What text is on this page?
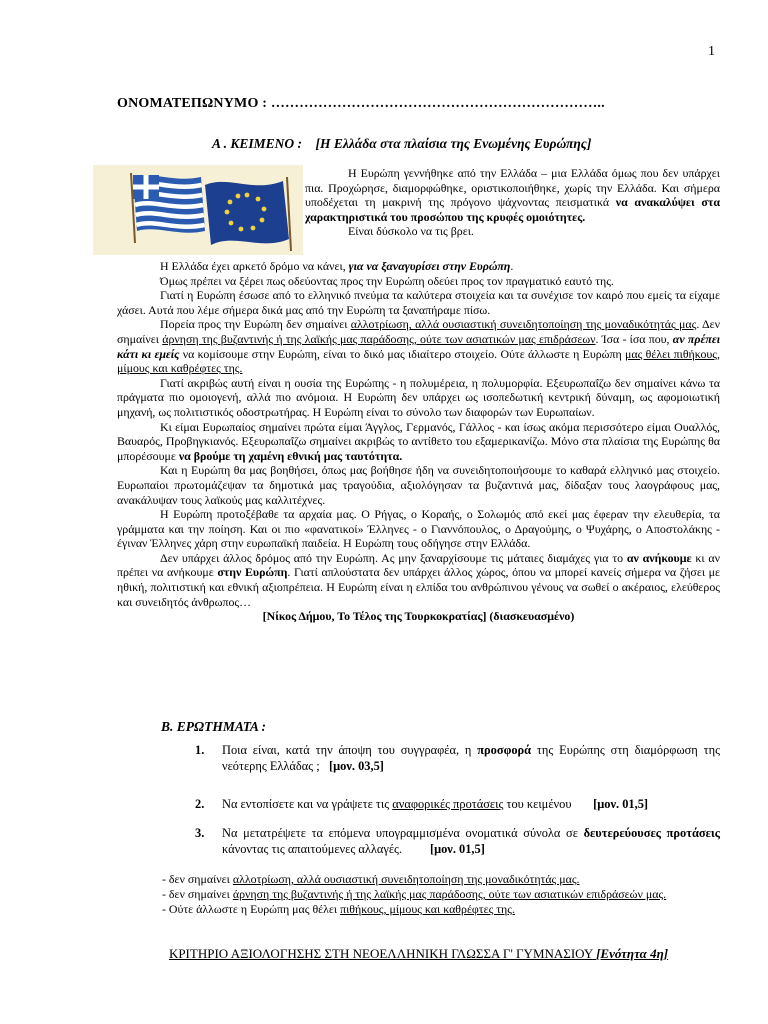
1
ΟΝΟΜΑΤΕΠΩΝΥΜΟ : ……………………………………………………………..
Α . ΚΕΙΜΕΝΟ : [Η Ελλάδα στα πλαίσια της Ενωμένης Ευρώπης]

Η Ευρώπη γεννήθηκε από την Ελλάδα – μια Ελλάδα όμως που δεν υπάρχει πια. Προχώρησε, διαμορφώθηκε, οριστικοποιήθηκε, χωρίς την Ελλάδα. Και σήμερα υποδέχεται τη μακρινή της πρόγονο ψάχνοντας πεισματικά να ανακαλύψει στα χαρακτηριστικά του προσώπου της κρυφές ομοιότητες.

Είναι δύσκολο να τις βρει.

Η Ελλάδα έχει αρκετό δρόμο να κάνει, για να ξαναγυρίσει στην Ευρώπη.

Όμως πρέπει να ξέρει πως οδεύοντας προς την Ευρώπη οδεύει προς τον πραγματικό εαυτό της.

Γιατί η Ευρώπη έσωσε από το ελληνικό πνεύμα τα καλύτερα στοιχεία και τα συνέχισε τον καιρό που εμείς τα είχαμε χάσει. Αυτά που λέμε σήμερα δικά μας από την Ευρώπη τα ξαναπήραμε πίσω.

Πορεία προς την Ευρώπη δεν σημαίνει αλλοτρίωση, αλλά ουσιαστική συνειδητοποίηση της μοναδικότητάς μας. Δεν σημαίνει άρνηση της βυζαντινής ή της λαϊκής μας παράδοσης, ούτε των ασιατικών μας επιδράσεων. Ίσα - ίσα που, αν πρέπει κάτι κι εμείς να κομίσουμε στην Ευρώπη, είναι το δικό μας ιδιαίτερο στοιχείο. Ούτε άλλωστε η Ευρώπη μας θέλει πιθήκους, μίμους και καθρέφτες της.

Γιατί ακριβώς αυτή είναι η ουσία της Ευρώπης - η πολυμέρεια, η πολυμορφία. Εξευρωπαΐζω δεν σημαίνει κάνω τα πράγματα πιο ομοιογενή, αλλά πιο ανόμοια. Η Ευρώπη δεν υπάρχει ως ισοπεδωτική κεντρική δύναμη, ως αφομοιωτική μηχανή, ως πολιτιστικός οδοστρωτήρας. Η Ευρώπη είναι το σύνολο των διαφορών των Ευρωπαίων.

Κι είμαι Ευρωπαίος σημαίνει πρώτα είμαι Άγγλος, Γερμανός, Γάλλος - και ίσως ακόμα περισσότερο είμαι Ουαλλός, Βαυαρός, Προβηγκιανός. Εξευρωπαΐζω σημαίνει ακριβώς το αντίθετο του εξαμερικανίζω. Μόνο στα πλαίσια της Ευρώπης θα μπορέσουμε να βρούμε τη χαμένη εθνική μας ταυτότητα.

Και η Ευρώπη θα μας βοηθήσει, όπως μας βοήθησε ήδη να συνειδητοποιήσουμε το καθαρά ελληνικό μας στοιχείο. Ευρωπαίοι πρωτομάζεψαν τα δημοτικά μας τραγούδια, αξιολόγησαν τα βυζαντινά μας, δίδαξαν τους λαογράφους μας, ανακάλυψαν τους λαϊκούς μας καλλιτέχνες.

Η Ευρώπη προτοξέβαθε τα αρχαία μας. Ο Ρήγας, ο Κοραής, ο Σολωμός από εκεί μας έφεραν την ελευθερία, τα γράμματα και την ποίηση. Και οι πιο «φανατικοί» Έλληνες - ο Γιαννόπουλος, ο Δραγούμης, ο Ψυχάρης, ο Αποστολάκης - έγιναν Έλληνες χάρη στην ευρωπαϊκή παιδεία. Η Ευρώπη τους οδήγησε στην Ελλάδα.

Δεν υπάρχει άλλος δρόμος από την Ευρώπη. Ας μην ξαναρχίσουμε τις μάταιες διαμάχες για το αν ανήκουμε κι αν πρέπει να ανήκουμε στην Ευρώπη. Γιατί απλούστατα δεν υπάρχει άλλος χώρος, όπου να μπορεί κανείς σήμερα να ζήσει με ηθική, πολιτιστική και εθνική αξιοπρέπεια. Η Ευρώπη είναι η ελπίδα του ανθρώπινου γένους να σωθεί ο ακέραιος, ελεύθερος και συνειδητός άνθρωπος…

[Νίκος Δήμου, Το Τέλος της Τουρκοκρατίας] (διασκευασμένο)

Β. ΕΡΩΤΗΜΑΤΑ :
1. Ποια είναι, κατά την άποψη του συγγραφέα, η προσφορά της Ευρώπης στη διαμόρφωση της νεότερης Ελλάδας ; [μον. 03,5]
2. Να εντοπίσετε και να γράψετε τις αναφορικές προτάσεις του κειμένου [μον. 01,5]
3. Να μετατρέψετε τα επόμενα υπογραμμισμένα ονοματικά σύνολα σε δευτερεύουσες προτάσεις κάνοντας τις απαιτούμενες αλλαγές. [μον. 01,5]
- δεν σημαίνει αλλοτρίωση, αλλά ουσιαστική συνειδητοποίηση της μοναδικότητάς μας.
- δεν σημαίνει άρνηση της βυζαντινής ή της λαϊκής μας παράδοσης, ούτε των ασιατικών επιδράσεών μας.
- Ούτε άλλωστε η Ευρώπη μας θέλει πιθήκους, μίμους και καθρέφτες της.
ΚΡΙΤΗΡΙΟ ΑΞΙΟΛΟΓΗΣΗΣ ΣΤΗ ΝΕΟΕΛΛΗΝΙΚΗ ΓΛΩΣΣΑ Γ' ΓΥΜΝΑΣΙΟΥ [Ενότητα 4η]
